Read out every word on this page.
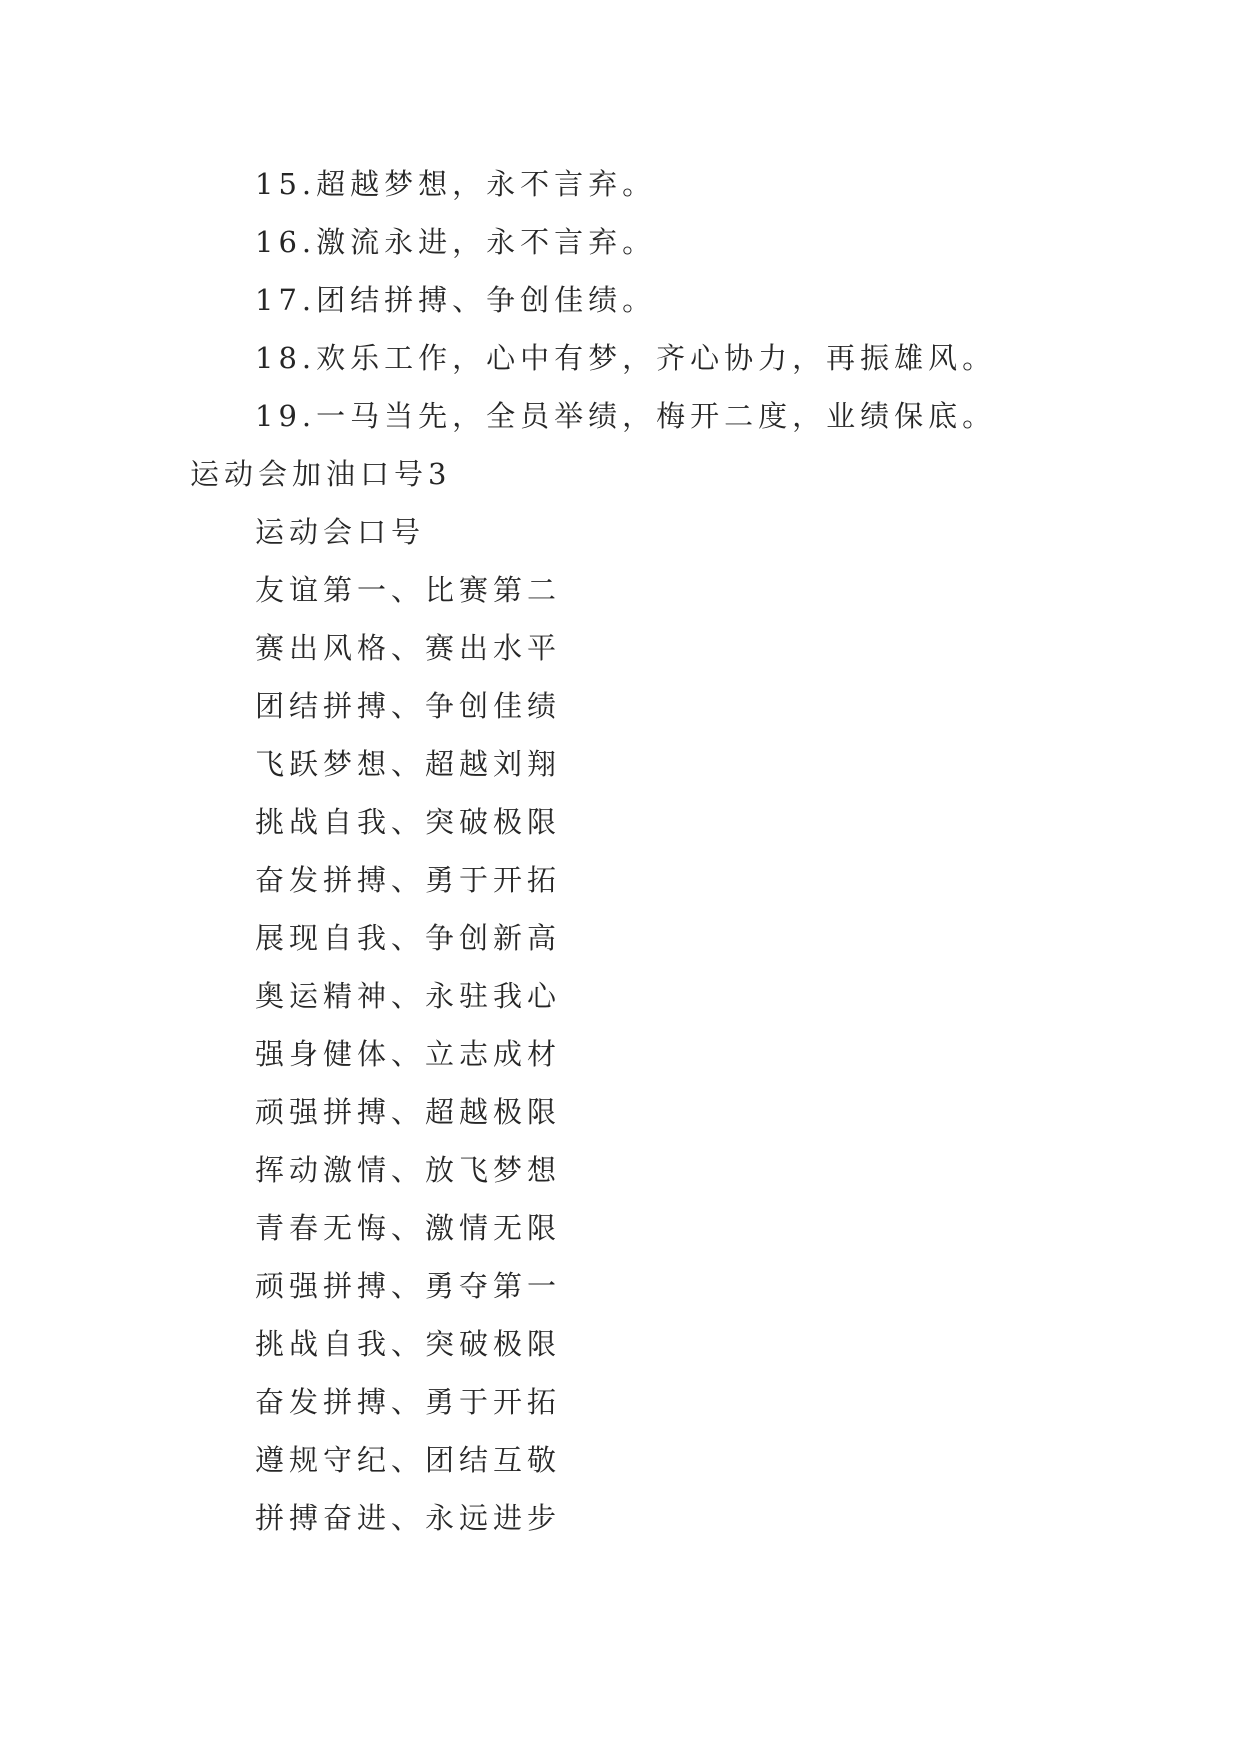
15.超越梦想，永不言弃。
16.激流永进，永不言弃。
17.团结拼搏、争创佳绩。
18.欢乐工作，心中有梦，齐心协力，再振雄风。
19.一马当先，全员举绩，梅开二度，业绩保底。
运动会加油口号3
运动会口号
友谊第一、比赛第二
赛出风格、赛出水平
团结拼搏、争创佳绩
飞跃梦想、超越刘翔
挑战自我、突破极限
奋发拼搏、勇于开拓
展现自我、争创新高
奥运精神、永驻我心
强身健体、立志成材
顽强拼搏、超越极限
挥动激情、放飞梦想
青春无悔、激情无限
顽强拼搏、勇夺第一
挑战自我、突破极限
奋发拼搏、勇于开拓
遵规守纪、团结互敬
拼搏奋进、永远进步
